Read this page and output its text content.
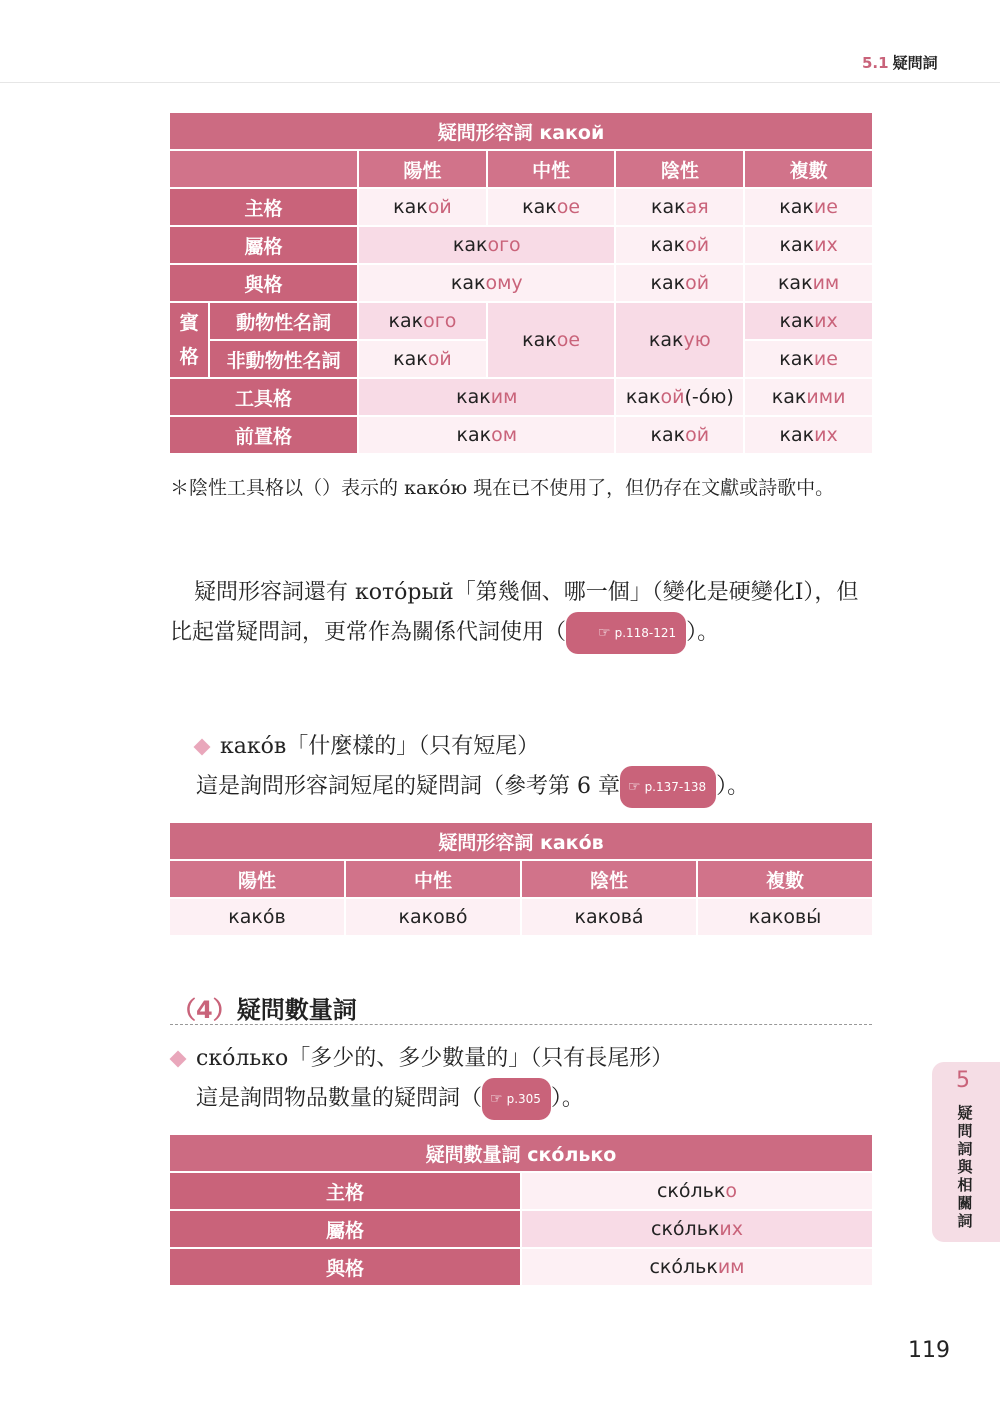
5.1 疑問詞
疑問形容詞 какой					
		陽性	中性	陰性	複數
主格		какой	какое	какая	какие
屬格		какого		какой	каких
與格		какому		какой	каким

賓格	動物性名詞	какого	какое	какую	каких
	非動物性名詞	какой			какие
工具格		каким		какой(-óю)	какими
前置格		каком		какой	каких
＊陰性工具格以（）表示的 какóю 現在已不使用了，但仍存在文獻或詩歌中。
疑問形容詞還有 котóрый「第幾個、哪一個」（變化是硬變化I），但比起當疑問詞，更常作為關係代詞使用（ ☞ p.118-121 ）。
какóв「什麼樣的」（只有短尾）
這是詢問形容詞短尾的疑問詞（參考第 6 章 ☞ p.137-138 ）。
疑問形容詞 какóв			
陽性	中性	陰性	複數
какóв	каковó	каковá	каковы́
（4）疑問數量詞
скóлько「多少的、多少數量的」（只有長尾形）
這是詢問物品數量的疑問詞（ ☞ p.305 ）。
疑問數量詞 скóлько	
主格	скóлько
屬格	скóльких
與格	скóльким
5
疑問詞與相關詞
119
